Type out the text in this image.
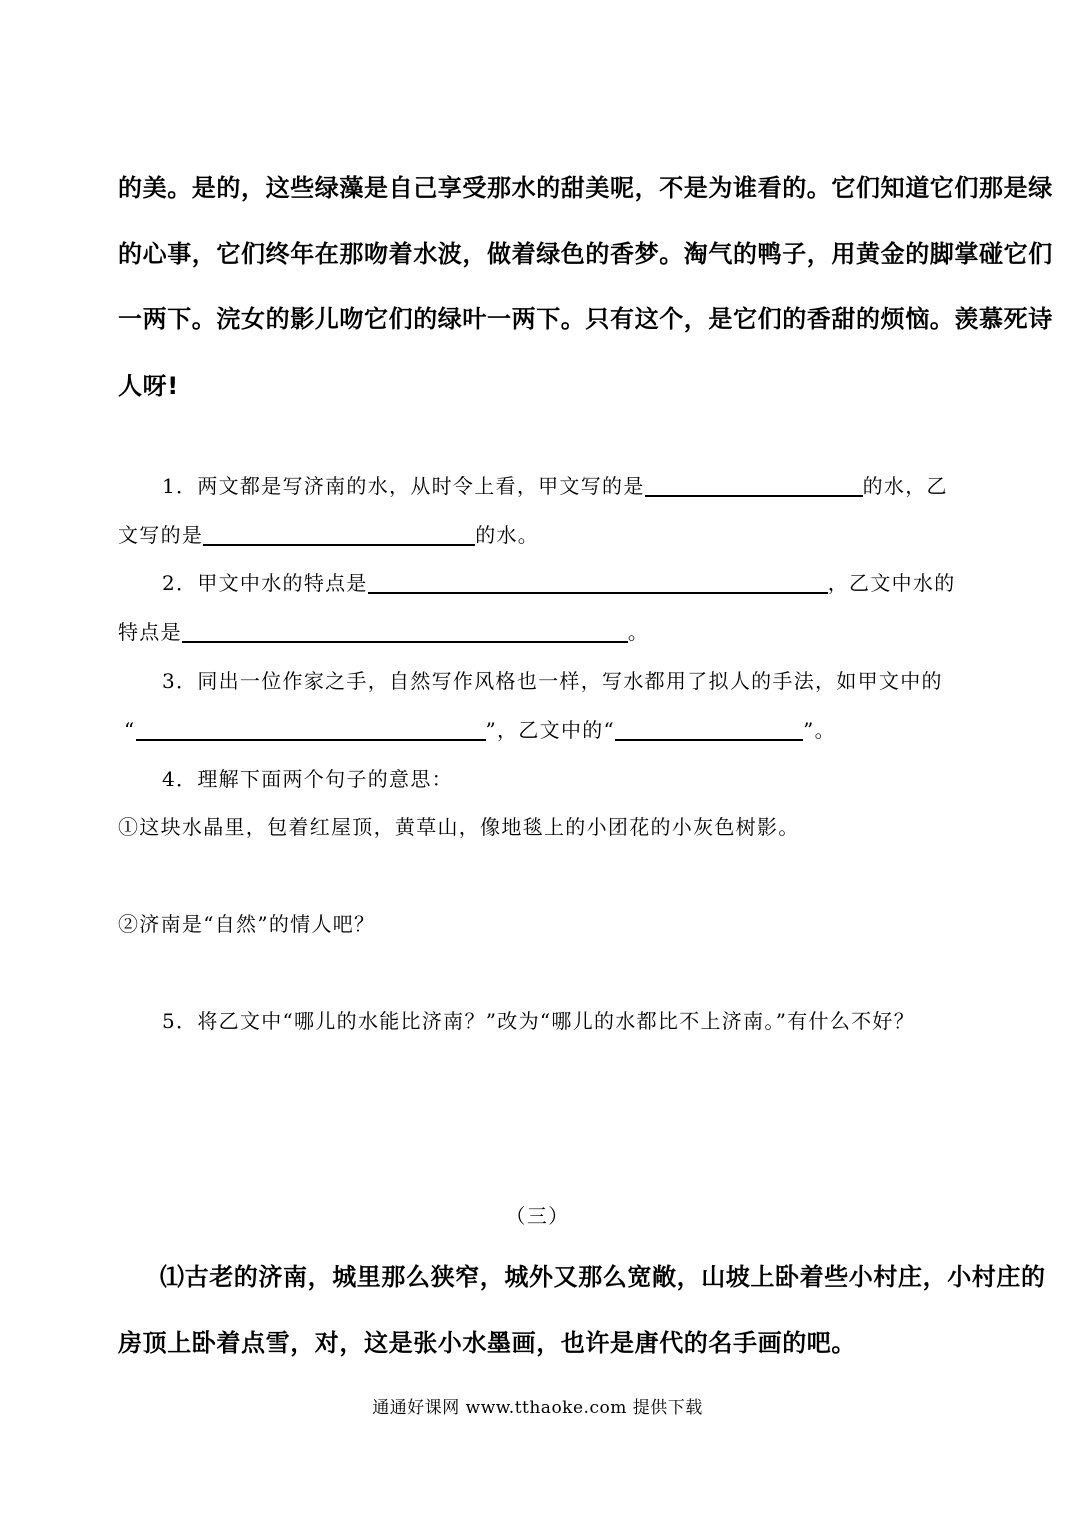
的美。是的，这些绿藻是自己享受那水的甜美呢，不是为谁看的。它们知道它们那是绿
的心事，它们终年在那吻着水波，做着绿色的香梦。淘气的鸭子，用黄金的脚掌碰它们
一两下。浣女的影儿吻它们的绿叶一两下。只有这个，是它们的香甜的烦恼。羡慕死诗
人呀!
1．两文都是写济南的水，从时令上看，甲文写的是	的水，乙
文写的是	的水。
2．甲文中水的特点是	，乙文中水的
特点是	。
3．同出一位作家之手，自然写作风格也一样，写水都用了拟人的手法，如甲文中的
“	”，乙文中的“	”。
4．理解下面两个句子的意思：
①这块水晶里，包着红屋顶，黄草山，像地毯上的小团花的小灰色树影。
②济南是“自然”的情人吧？
5．将乙文中“哪儿的水能比济南？”改为“哪儿的水都比不上济南。”有什么不好？
（三）
⑴古老的济南，城里那么狭窄，城外又那么宽敞，山坡上卧着些小村庄，小村庄的
房顶上卧着点雪，对，这是张小水墨画，也许是唐代的名手画的吧。
通通好课网 www.tthaoke.com 提供下载
